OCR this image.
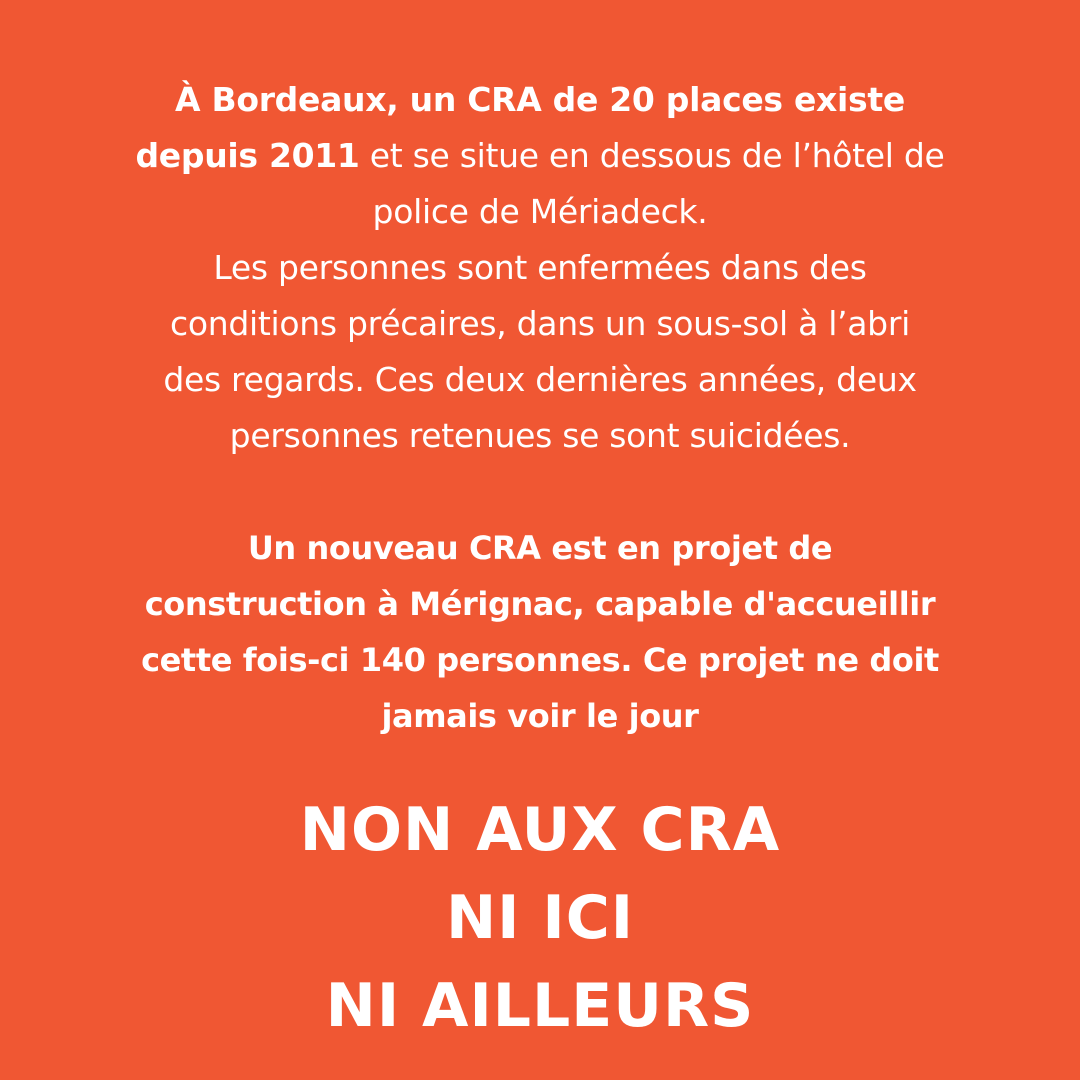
À Bordeaux, un CRA de 20 places existe
depuis 2011 et se situe en dessous de l’hôtel de
police de Mériadeck.
Les personnes sont enfermées dans des
conditions précaires, dans un sous-sol à l’abri
des regards. Ces deux dernières années, deux
personnes retenues se sont suicidées.
Un nouveau CRA est en projet de
construction à Mérignac, capable d'accueillir
cette fois-ci 140 personnes. Ce projet ne doit
jamais voir le jour
NON AUX CRA
NI ICI
NI AILLEURS
